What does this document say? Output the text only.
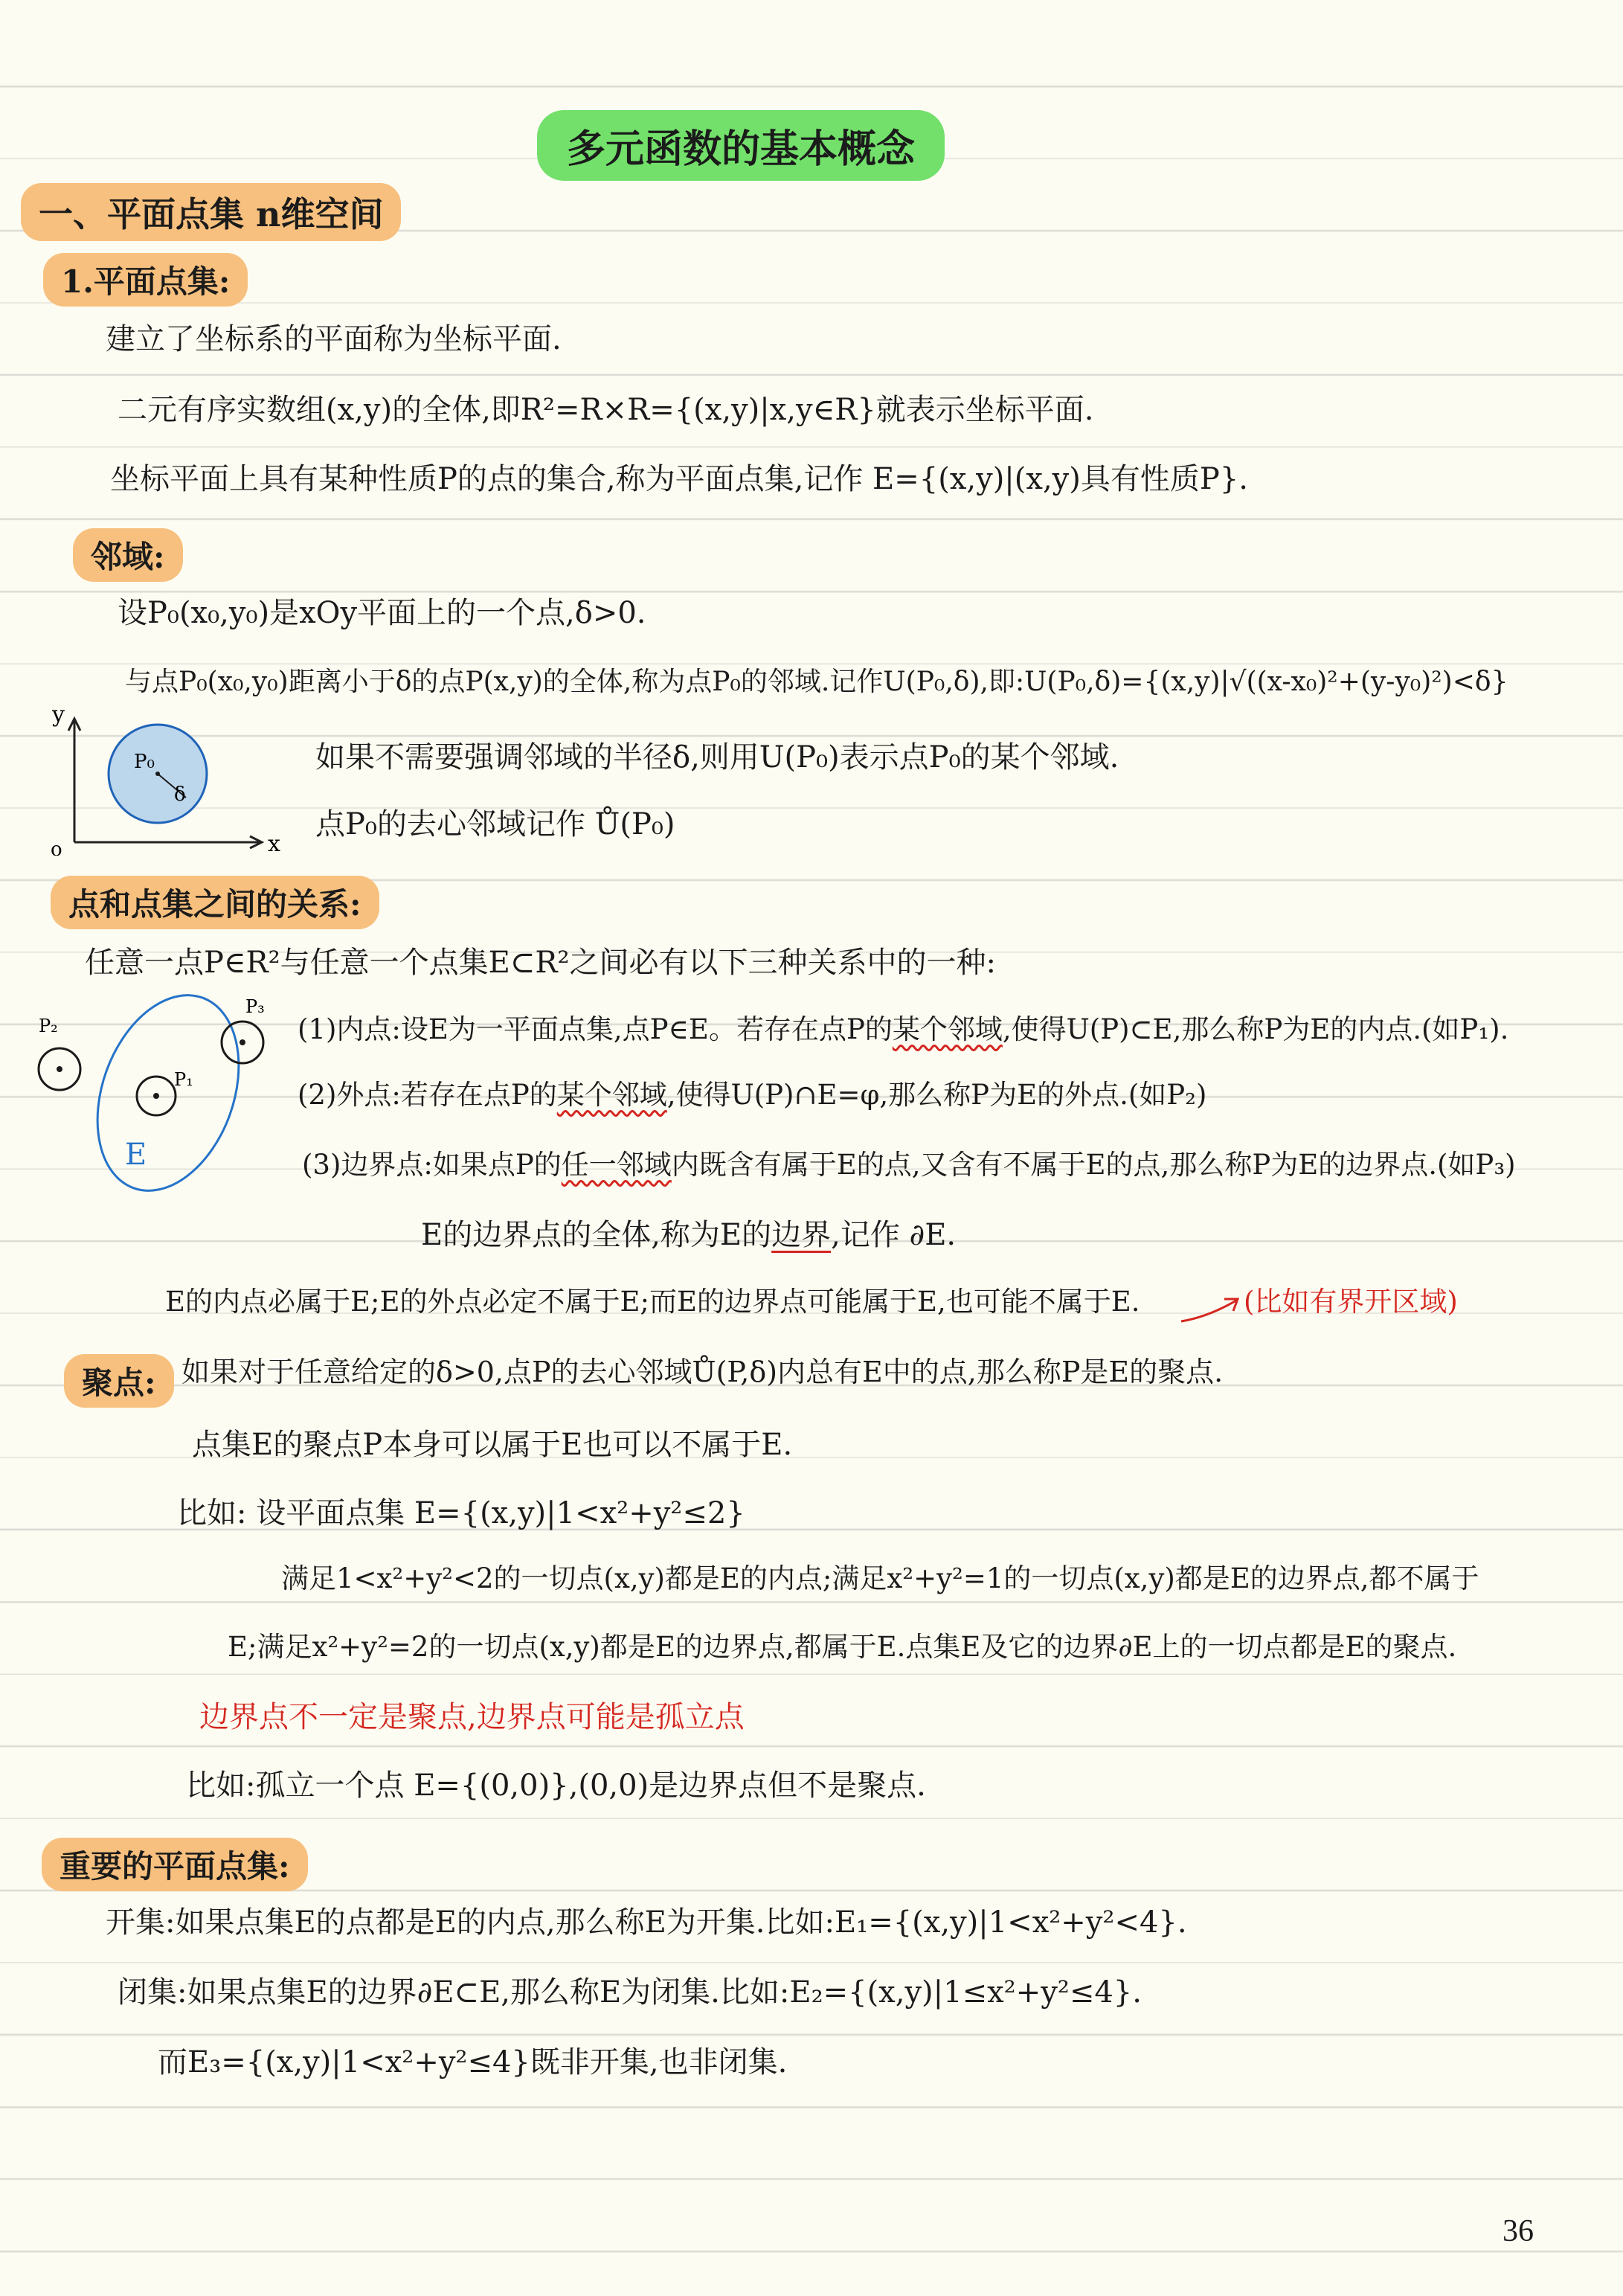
多元函数的基本概念
一、平面点集 n维空间
1.平面点集:
建立了坐标系的平面称为坐标平面.
二元有序实数组(x,y)的全体,即R²=R×R={(x,y)|x,y∈R}就表示坐标平面.
坐标平面上具有某种性质P的点的集合,称为平面点集,记作 E={(x,y)|(x,y)具有性质P}.
邻域:
设P₀(x₀,y₀)是xOy平面上的一个点,δ>0.
与点P₀(x₀,y₀)距离小于δ的点P(x,y)的全体,称为点P₀的邻域.记作U(P₀,δ),即:U(P₀,δ)={(x,y)|√((x-x₀)²+(y-y₀)²)<δ}
y
o	x
P₀
δ
如果不需要强调邻域的半径δ,则用U(P₀)表示点P₀的某个邻域.
点P₀的去心邻域记作 Ů(P₀)
点和点集之间的关系:
任意一点P∈R²与任意一个点集E⊂R²之间必有以下三种关系中的一种:
E
P₁
P₂
P₃
(1)内点:设E为一平面点集,点P∈E。若存在点P的某个邻域,使得U(P)⊂E,那么称P为E的内点.(如P₁).
(2)外点:若存在点P的某个邻域,使得U(P)∩E=φ,那么称P为E的外点.(如P₂)
(3)边界点:如果点P的任一邻域内既含有属于E的点,又含有不属于E的点,那么称P为E的边界点.(如P₃)
E的边界点的全体,称为E的边界,记作 ∂E.
E的内点必属于E;E的外点必定不属于E;而E的边界点可能属于E,也可能不属于E.	(比如有界开区域)
聚点: 如果对于任意给定的δ>0,点P的去心邻域Ů(P,δ)内总有E中的点,那么称P是E的聚点.
点集E的聚点P本身可以属于E也可以不属于E.
比如: 设平面点集 E={(x,y)|1<x²+y²≤2}
满足1<x²+y²<2的一切点(x,y)都是E的内点;满足x²+y²=1的一切点(x,y)都是E的边界点,都不属于
E;满足x²+y²=2的一切点(x,y)都是E的边界点,都属于E.点集E及它的边界∂E上的一切点都是E的聚点.
边界点不一定是聚点,边界点可能是孤立点
比如:孤立一个点 E={(0,0)},(0,0)是边界点但不是聚点.
重要的平面点集:
开集:如果点集E的点都是E的内点,那么称E为开集.比如:E₁={(x,y)|1<x²+y²<4}.
闭集:如果点集E的边界∂E⊂E,那么称E为闭集.比如:E₂={(x,y)|1≤x²+y²≤4}.
而E₃={(x,y)|1<x²+y²≤4}既非开集,也非闭集.
36
